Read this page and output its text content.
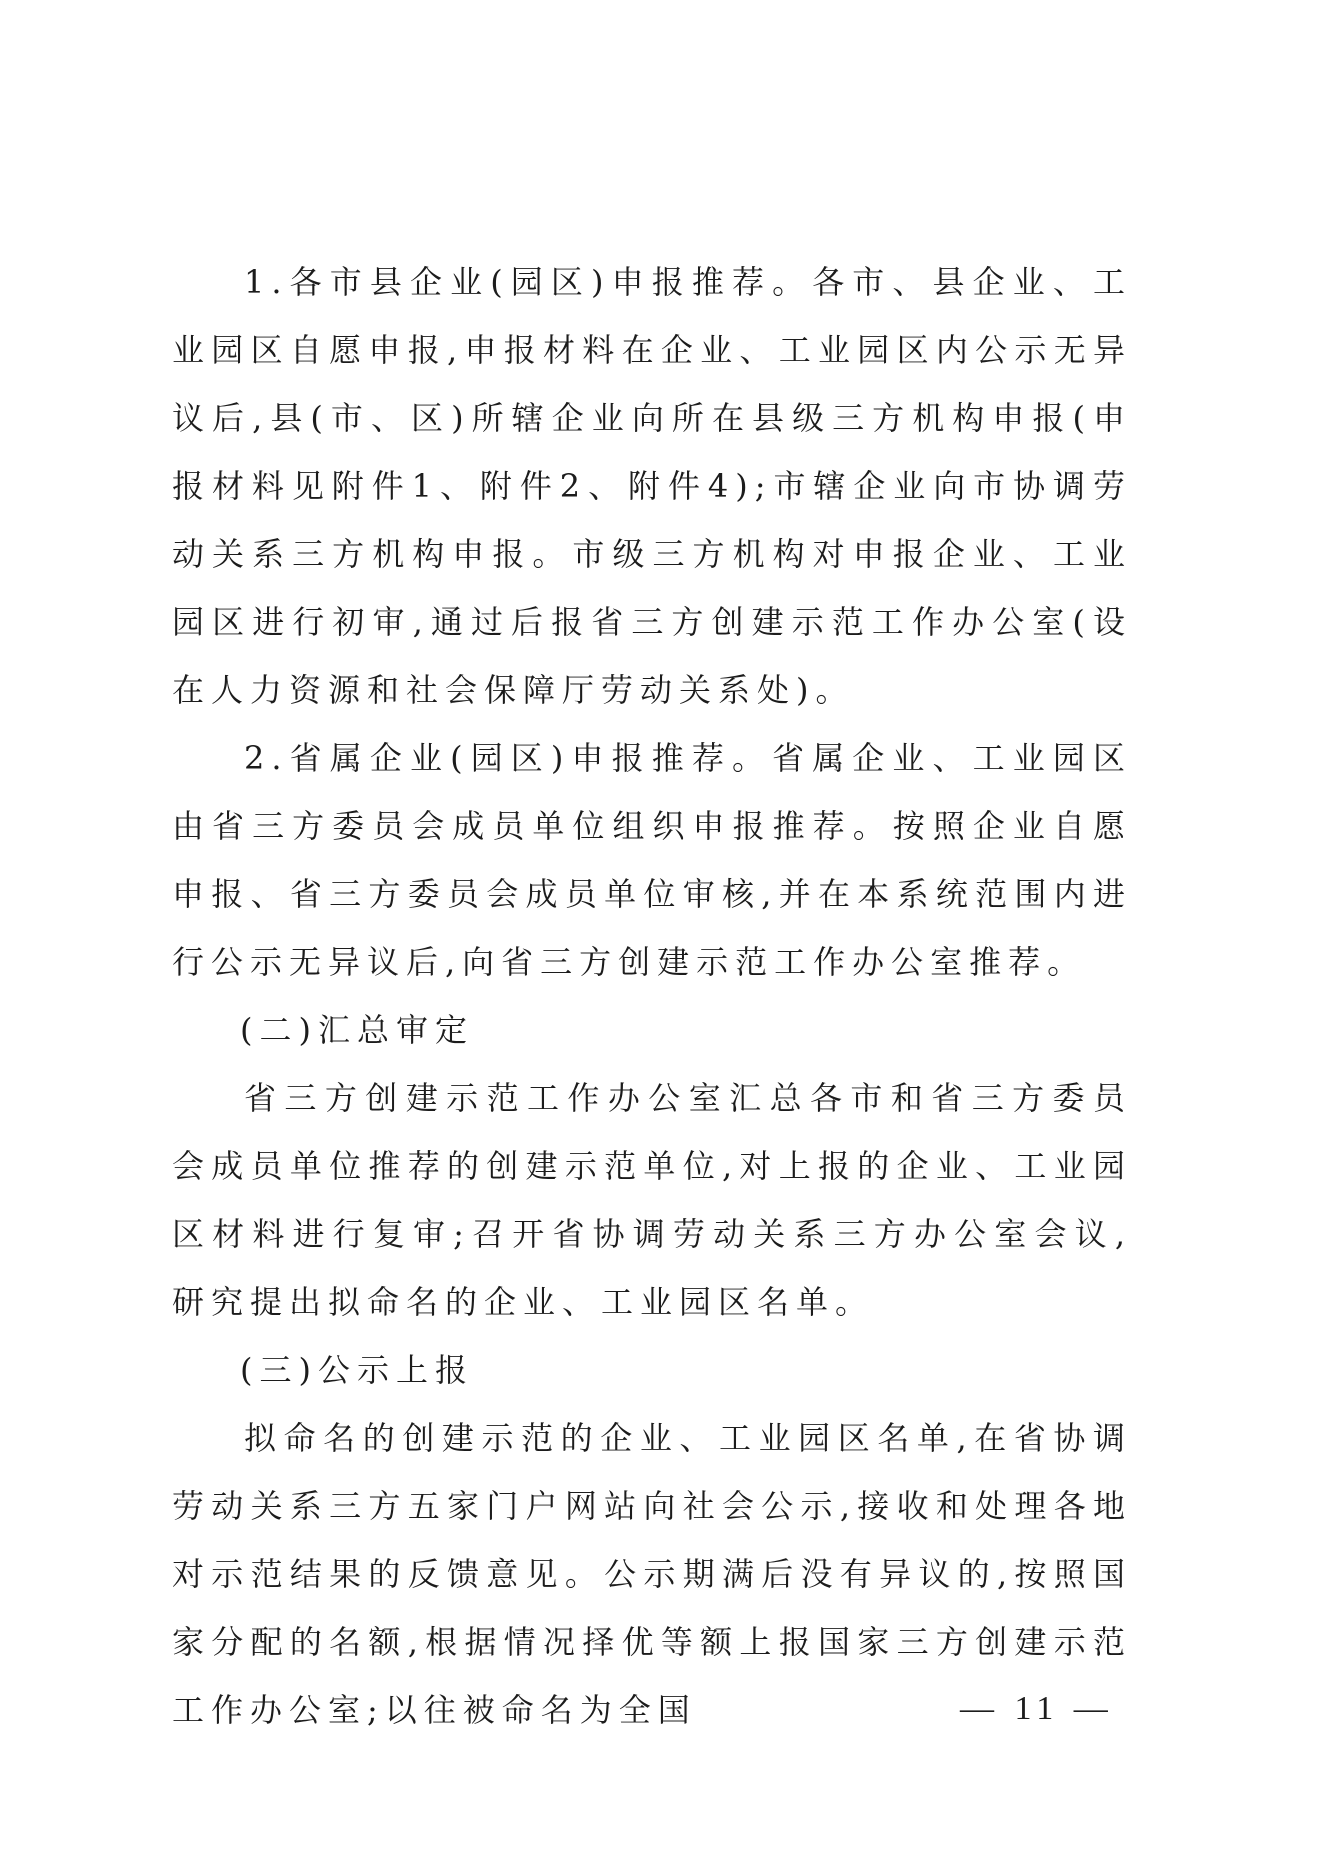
1.各市县企业(园区)申报推荐。各市、县企业、工业园区自愿申报,申报材料在企业、工业园区内公示无异议后,县(市、区)所辖企业向所在县级三方机构申报(申报材料见附件1、附件2、附件4);市辖企业向市协调劳动关系三方机构申报。市级三方机构对申报企业、工业园区进行初审,通过后报省三方创建示范工作办公室(设在人力资源和社会保障厅劳动关系处)。

2.省属企业(园区)申报推荐。省属企业、工业园区由省三方委员会成员单位组织申报推荐。按照企业自愿申报、省三方委员会成员单位审核,并在本系统范围内进行公示无异议后,向省三方创建示范工作办公室推荐。

(二)汇总审定

省三方创建示范工作办公室汇总各市和省三方委员会成员单位推荐的创建示范单位,对上报的企业、工业园区材料进行复审;召开省协调劳动关系三方办公室会议,研究提出拟命名的企业、工业园区名单。

(三)公示上报

拟命名的创建示范的企业、工业园区名单,在省协调劳动关系三方五家门户网站向社会公示,接收和处理各地对示范结果的反馈意见。公示期满后没有异议的,按照国家分配的名额,根据情况择优等额上报国家三方创建示范工作办公室;以往被命名为全国	— 11 —
